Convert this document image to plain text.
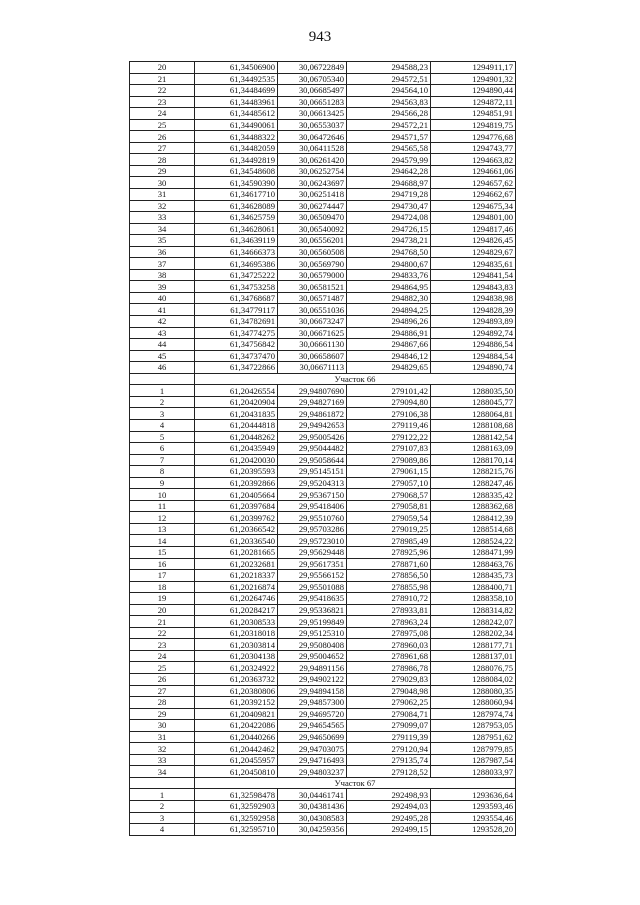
943
20	61,34506900	30,06722849	294588,23	1294911,17
21	61,34492535	30,06705340	294572,51	1294901,32
22	61,34484699	30,06685497	294564,10	1294890,44
23	61,34483961	30,06651283	294563,83	1294872,11
24	61,34485612	30,06613425	294566,28	1294851,91
25	61,34490061	30,06553037	294572,21	1294819,75
26	61,34488322	30,06472646	294571,57	1294776,68
27	61,34482059	30,06411528	294565,58	1294743,77
28	61,34492819	30,06261420	294579,99	1294663,82
29	61,34548608	30,06252754	294642,28	1294661,06
30	61,34590390	30,06243697	294688,97	1294657,62
31	61,34617710	30,06251418	294719,28	1294662,67
32	61,34628089	30,06274447	294730,47	1294675,34
33	61,34625759	30,06509470	294724,08	1294801,00
34	61,34628061	30,06540092	294726,15	1294817,46
35	61,34639119	30,06556201	294738,21	1294826,45
36	61,34666373	30,06560508	294768,50	1294829,67
37	61,34695386	30,06569790	294800,67	1294835,61
38	61,34725222	30,06579000	294833,76	1294841,54
39	61,34753258	30,06581521	294864,95	1294843,83
40	61,34768687	30,06571487	294882,30	1294838,98
41	61,34779117	30,06551036	294894,25	1294828,39
42	61,34782691	30,06673247	294896,26	1294893,89
43	61,34774275	30,06671625	294886,91	1294892,74
44	61,34756842	30,06661130	294867,66	1294886,54
45	61,34737470	30,06658607	294846,12	1294884,54
46	61,34722866	30,06671113	294829,65	1294890,74
	Участок 66			
1	61,20426554	29,94807690	279101,42	1288035,50
2	61,20420904	29,94827169	279094,80	1288045,77
3	61,20431835	29,94861872	279106,38	1288064,81
4	61,20444818	29,94942653	279119,46	1288108,68
5	61,20448262	29,95005426	279122,22	1288142,54
6	61,20435949	29,95044482	279107,83	1288163,09
7	61,20420030	29,95058644	279089,86	1288170,14
8	61,20395593	29,95145151	279061,15	1288215,76
9	61,20392866	29,95204313	279057,10	1288247,46
10	61,20405664	29,95367150	279068,57	1288335,42
11	61,20397684	29,95418406	279058,81	1288362,68
12	61,20399762	29,95510760	279059,54	1288412,39
13	61,20366542	29,95703286	279019,25	1288514,68
14	61,20336540	29,95723010	278985,49	1288524,22
15	61,20281665	29,95629448	278925,96	1288471,99
16	61,20232681	29,95617351	278871,60	1288463,76
17	61,20218337	29,95566152	278856,50	1288435,73
18	61,20216874	29,95501088	278855,98	1288400,71
19	61,20264746	29,95418635	278910,72	1288358,10
20	61,20284217	29,95336821	278933,81	1288314,82
21	61,20308533	29,95199849	278963,24	1288242,07
22	61,20318018	29,95125310	278975,08	1288202,34
23	61,20303814	29,95080408	278960,03	1288177,71
24	61,20304138	29,95004652	278961,68	1288137,01
25	61,20324922	29,94891156	278986,78	1288076,75
26	61,20363732	29,94902122	279029,83	1288084,02
27	61,20380806	29,94894158	279048,98	1288080,35
28	61,20392152	29,94857300	279062,25	1288060,94
29	61,20409821	29,94695720	279084,71	1287974,74
30	61,20422086	29,94654565	279099,07	1287953,05
31	61,20440266	29,94650699	279119,39	1287951,62
32	61,20442462	29,94703075	279120,94	1287979,85
33	61,20455957	29,94716493	279135,74	1287987,54
34	61,20450810	29,94803237	279128,52	1288033,97
	Участок 67			
1	61,32598478	30,04461741	292498,93	1293636,64
2	61,32592903	30,04381436	292494,03	1293593,46
3	61,32592958	30,04308583	292495,28	1293554,46
4	61,32595710	30,04259356	292499,15	1293528,20
